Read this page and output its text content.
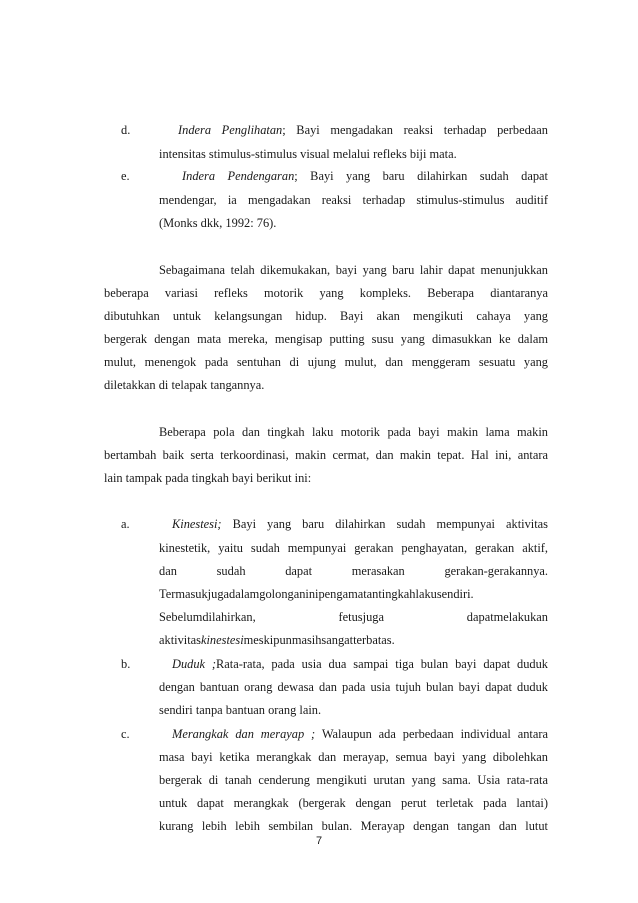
d.	Indera Penglihatan; Bayi mengadakan reaksi terhadap perbedaan
intensitas stimulus-stimulus visual melalui refleks biji mata.
e.	Indera Pendengaran; Bayi yang baru dilahirkan sudah dapat
mendengar, ia mengadakan reaksi terhadap stimulus-stimulus auditif
(Monks dkk, 1992: 76).
Sebagaimana telah dikemukakan, bayi yang baru lahir dapat menunjukkan
beberapa variasi refleks motorik yang kompleks. Beberapa diantaranya
dibutuhkan untuk kelangsungan hidup. Bayi akan mengikuti cahaya yang
bergerak dengan mata mereka, mengisap putting susu yang dimasukkan ke dalam
mulut, menengok pada sentuhan di ujung mulut, dan menggeram sesuatu yang
diletakkan di telapak tangannya.
Beberapa pola dan tingkah laku motorik pada bayi makin lama makin
bertambah baik serta terkoordinasi, makin cermat, dan makin tepat. Hal ini, antara
lain tampak pada tingkah bayi berikut ini:
a.	Kinestesi; Bayi yang baru dilahirkan sudah mempunyai aktivitas
kinestetik, yaitu sudah mempunyai gerakan penghayatan, gerakan aktif,
dan sudah dapat merasakan gerakan-gerakannya.
Termasukjugadalamgolonganinipengamatantingkahlakusendiri.
Sebelumdilahirkan, fetusjuga dapatmelakukan
aktivitaskinestesimeskipunmasihsangatterbatas.
b.	Duduk ;Rata-rata, pada usia dua sampai tiga bulan bayi dapat duduk
dengan bantuan orang dewasa dan pada usia tujuh bulan bayi dapat duduk
sendiri tanpa bantuan orang lain.
c.	Merangkak dan merayap ; Walaupun ada perbedaan individual antara
masa bayi ketika merangkak dan merayap, semua bayi yang dibolehkan
bergerak di tanah cenderung mengikuti urutan yang sama. Usia rata-rata
untuk dapat merangkak (bergerak dengan perut terletak pada lantai)
kurang lebih lebih sembilan bulan. Merayap dengan tangan dan lutut
7
